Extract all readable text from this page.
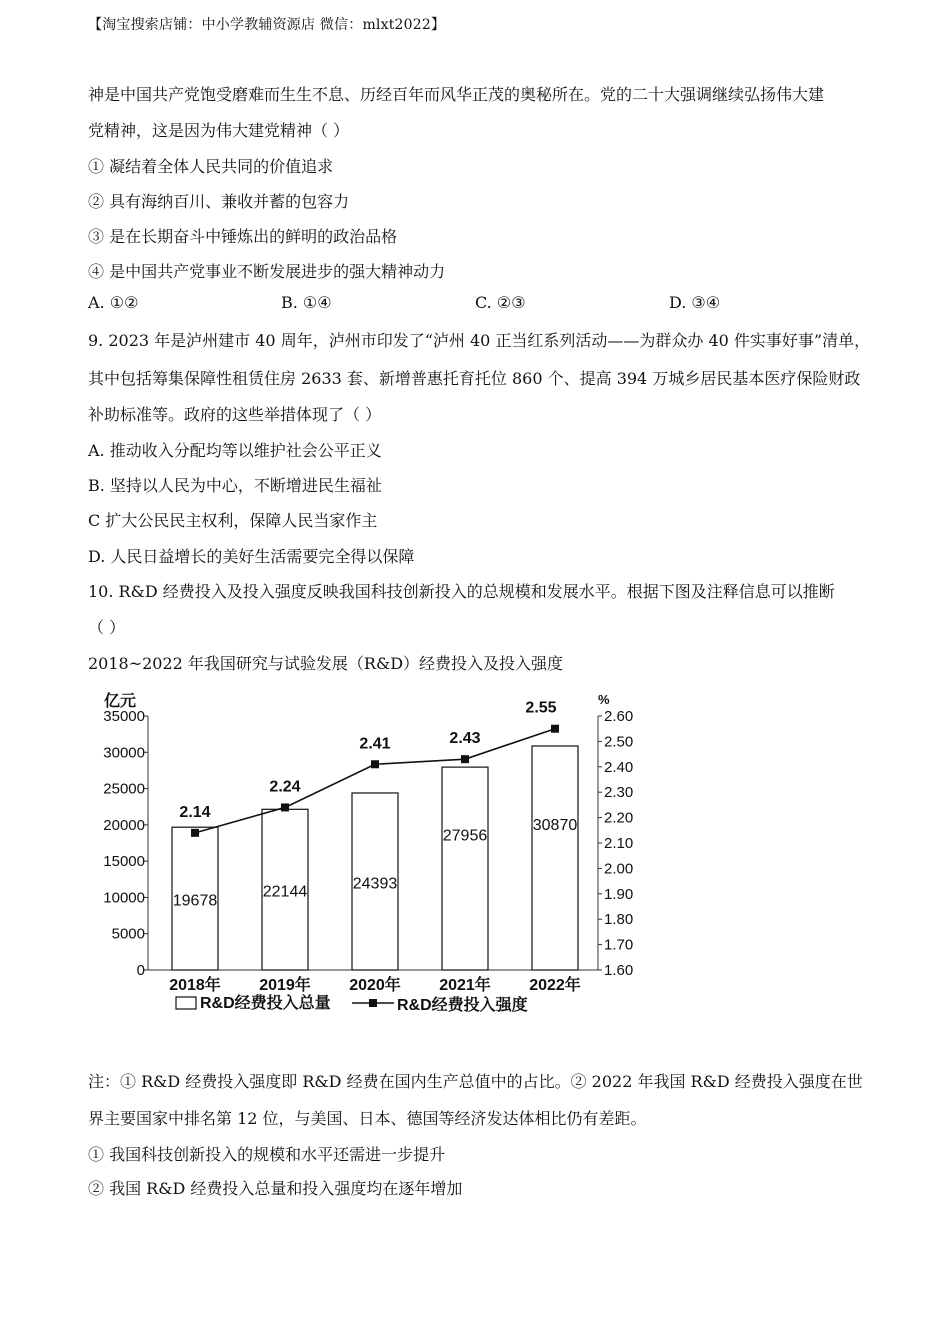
【淘宝搜索店铺：中小学教辅资源店 微信：mlxt2022】
神是中国共产党饱受磨难而生生不息、历经百年而风华正茂的奥秘所在。党的二十大强调继续弘扬伟大建
党精神，这是因为伟大建党精神（ ）
① 凝结着全体人民共同的价值追求
② 具有海纳百川、兼收并蓄的包容力
③ 是在长期奋斗中锤炼出的鲜明的政治品格
④ 是中国共产党事业不断发展进步的强大精神动力
A. ①②	B. ①④	C. ②③	D. ③④
9. 2023 年是泸州建市 40 周年，泸州市印发了“泸州 40 正当红系列活动——为群众办 40 件实事好事”清单，
其中包括筹集保障性租赁住房 2633 套、新增普惠托育托位 860 个、提高 394 万城乡居民基本医疗保险财政
补助标准等。政府的这些举措体现了（ ）
A. 推动收入分配均等以维护社会公平正义
B. 坚持以人民为中心，不断增进民生福祉
C 扩大公民民主权利，保障人民当家作主
D. 人民日益增长的美好生活需要完全得以保障
10. R&D 经费投入及投入强度反映我国科技创新投入的总规模和发展水平。根据下图及注释信息可以推断
（ ）
2018~2022 年我国研究与试验发展（R&D）经费投入及投入强度
亿元	%
0
5000
10000
15000
20000
25000
30000
35000
1.60
1.70
1.80
1.90
2.00
2.10
2.20
2.30
2.40
2.50
2.60
19678
22144	24393
27956
30870
2018年 2019年 2020年 2021年 2022年
2.14
2.24
2.41	2.43
2.55
R&D经费投入总量	R&D经费投入强度
注：① R&D 经费投入强度即 R&D 经费在国内生产总值中的占比。② 2022 年我国 R&D 经费投入强度在世
界主要国家中排名第 12 位，与美国、日本、德国等经济发达体相比仍有差距。
① 我国科技创新投入的规模和水平还需进一步提升
② 我国 R&D 经费投入总量和投入强度均在逐年增加
